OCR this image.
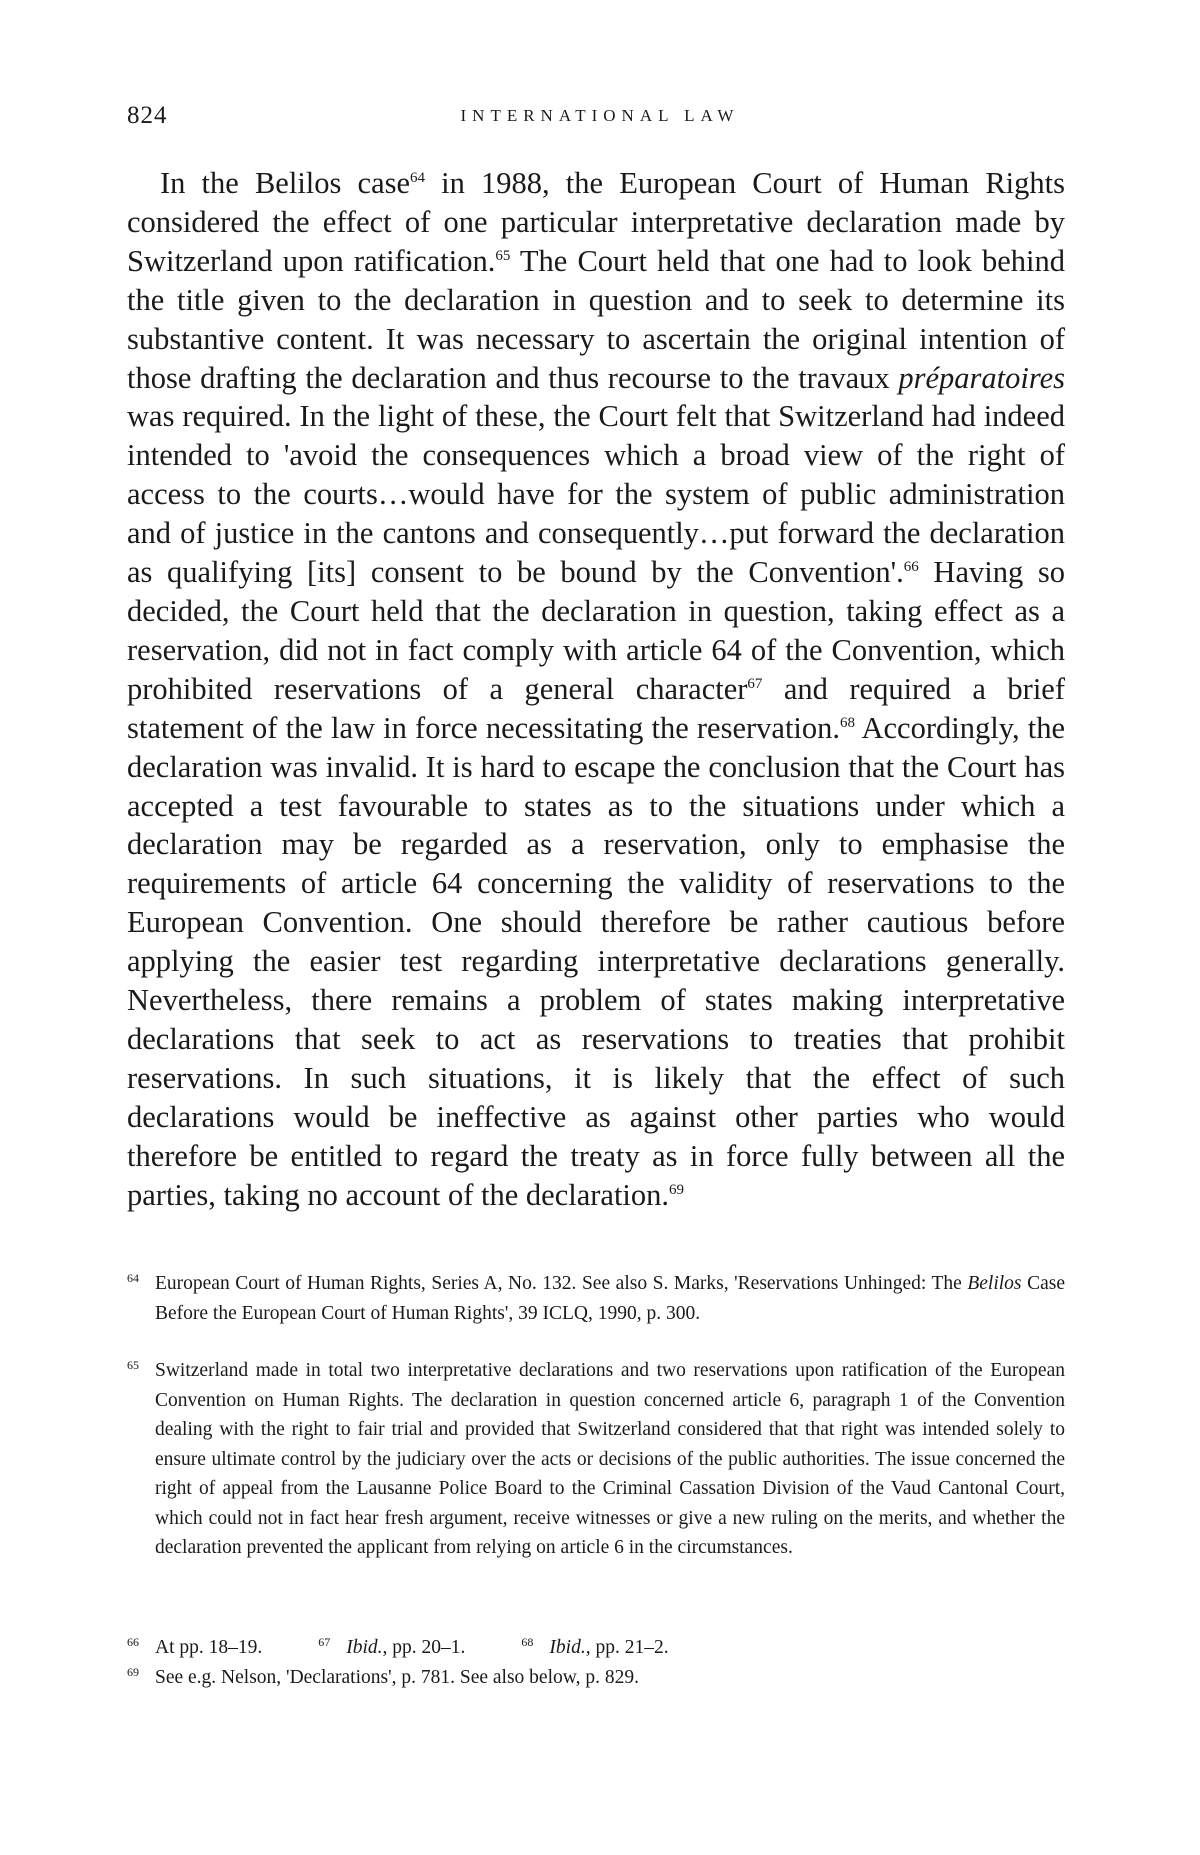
824	INTERNATIONAL LAW

In the Belilos case$^{64}$ in 1988, the European Court of Human Rights considered the effect of one particular interpretative declaration made by Switzerland upon ratification.$^{65}$ The Court held that one had to look behind the title given to the declaration in question and to seek to determine its substantive content. It was necessary to ascertain the original intention of those drafting the declaration and thus recourse to the travaux préparatoires was required. In the light of these, the Court felt that Switzerland had indeed intended to 'avoid the consequences which a broad view of the right of access to the courts…would have for the system of public administration and of justice in the cantons and consequently…put forward the declaration as qualifying [its] consent to be bound by the Convention'.$^{66}$ Having so decided, the Court held that the declaration in question, taking effect as a reservation, did not in fact comply with article 64 of the Convention, which prohibited reservations of a general character$^{67}$ and required a brief statement of the law in force necessitating the reservation.$^{68}$ Accordingly, the declaration was invalid. It is hard to escape the conclusion that the Court has accepted a test favourable to states as to the situations under which a declaration may be regarded as a reservation, only to emphasise the requirements of article 64 concerning the validity of reservations to the European Convention. One should therefore be rather cautious before applying the easier test regarding interpretative declarations generally. Nevertheless, there remains a problem of states making interpretative declarations that seek to act as reservations to treaties that prohibit reservations. In such situations, it is likely that the effect of such declarations would be ineffective as against other parties who would therefore be entitled to regard the treaty as in force fully between all the parties, taking no account of the declaration.$^{69}$

64 European Court of Human Rights, Series A, No. 132. See also S. Marks, 'Reservations Unhinged: The Belilos Case Before the European Court of Human Rights', 39 ICLQ, 1990, p. 300.

65 Switzerland made in total two interpretative declarations and two reservations upon ratification of the European Convention on Human Rights. The declaration in question concerned article 6, paragraph 1 of the Convention dealing with the right to fair trial and provided that Switzerland considered that that right was intended solely to ensure ultimate control by the judiciary over the acts or decisions of the public authorities. The issue concerned the right of appeal from the Lausanne Police Board to the Criminal Cassation Division of the Vaud Cantonal Court, which could not in fact hear fresh argument, receive witnesses or give a new ruling on the merits, and whether the declaration prevented the applicant from relying on article 6 in the circumstances.

66 At pp. 18–19.	67 Ibid., pp. 20–1.	68 Ibid., pp. 21–2.

69 See e.g. Nelson, 'Declarations', p. 781. See also below, p. 829.
